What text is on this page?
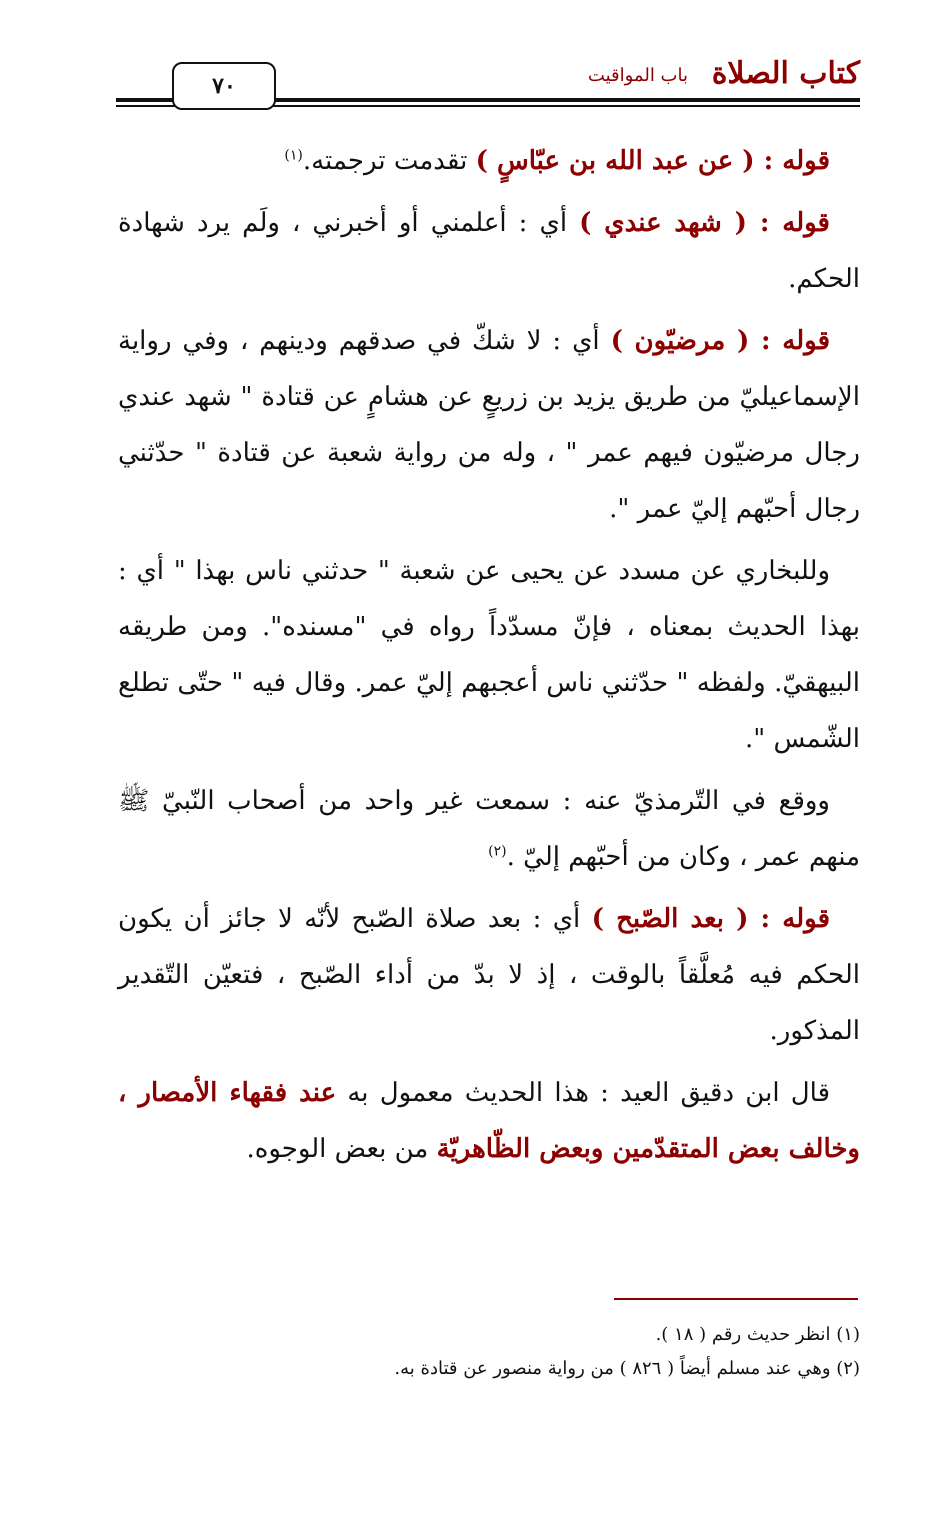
كتاب الصلاة
باب المواقيت
٧٠

قوله : ( عن عبد الله بن عبّاسٍ ) تقدمت ترجمته.$^{(١)}$

قوله : ( شهد عندي ) أي : أعلمني أو أخبرني ، ولَم يرد شهادة الحكم.

قوله : ( مرضيّون ) أي : لا شكّ في صدقهم ودينهم ، وفي رواية الإسماعيليّ من طريق يزيد بن زريعٍ عن هشامٍ عن قتادة " شهد عندي رجال مرضيّون فيهم عمر " ، وله من رواية شعبة عن قتادة " حدّثني رجال أحبّهم إليّ عمر ".

وللبخاري عن مسدد عن يحيى عن شعبة " حدثني ناس بهذا " أي : بهذا الحديث بمعناه ، فإنّ مسدّداً رواه في "مسنده". ومن طريقه البيهقيّ. ولفظه " حدّثني ناس أعجبهم إليّ عمر. وقال فيه " حتّى تطلع الشّمس ".

ووقع في التّرمذيّ عنه : سمعت غير واحد من أصحاب النّبيّ ﷺ منهم عمر ، وكان من أحبّهم إليّ .$^{(٢)}$

قوله : ( بعد الصّبح ) أي : بعد صلاة الصّبح لأنّه لا جائز أن يكون الحكم فيه مُعلَّقاً بالوقت ، إذ لا بدّ من أداء الصّبح ، فتعيّن التّقدير المذكور.

قال ابن دقيق العيد : هذا الحديث معمول به عند فقهاء الأمصار ، وخالف بعض المتقدّمين وبعض الظّاهريّة من بعض الوجوه.

(١) انظر حديث رقم ( ١٨ ).

(٢) وهي عند مسلم أيضاً ( ٨٢٦ ) من رواية منصور عن قتادة به.
